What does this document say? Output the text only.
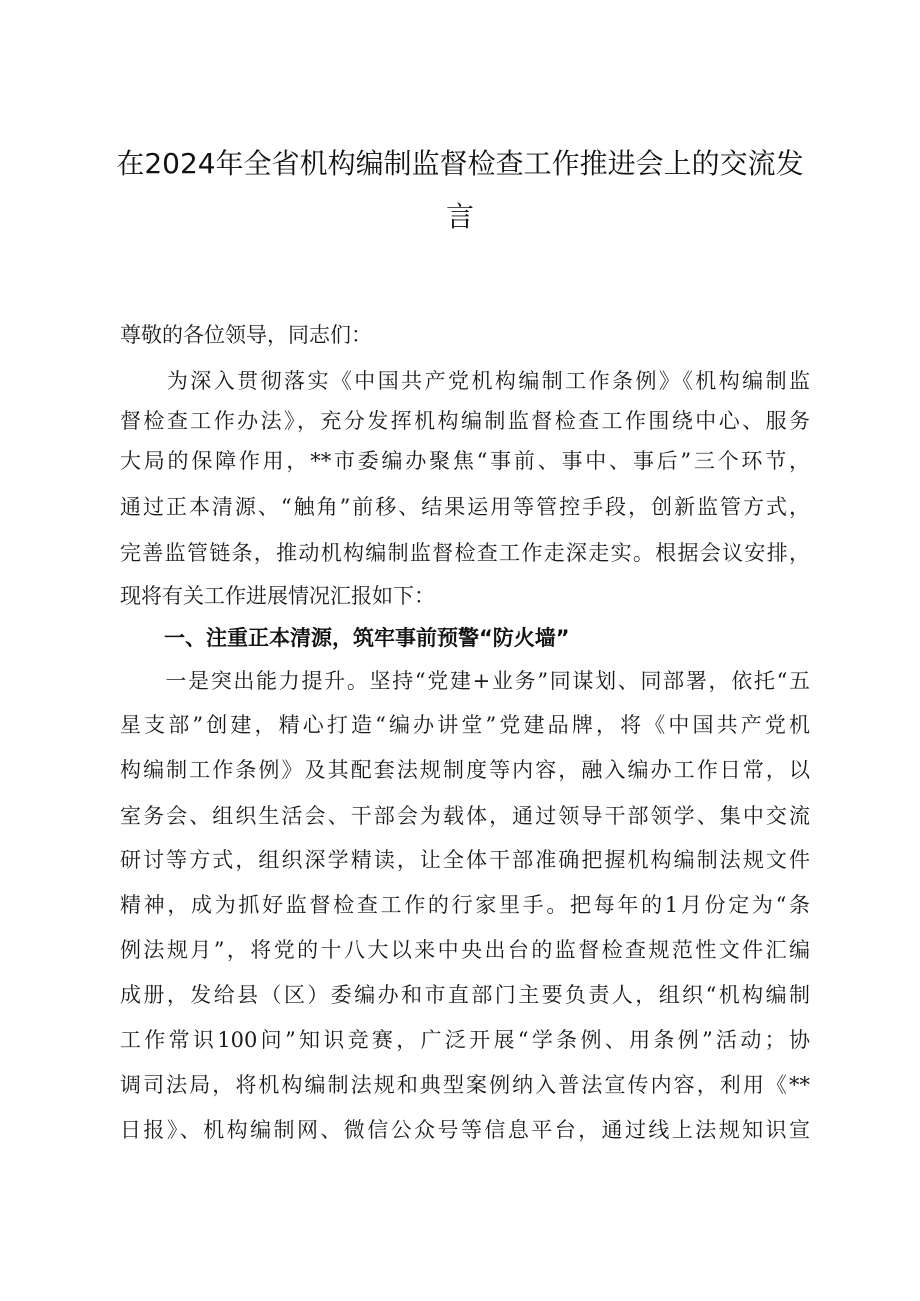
在2024年全省机构编制监督检查工作推进会上的交流发
言
尊敬的各位领导，同志们：
　　为深入贯彻落实《中国共产党机构编制工作条例》《机构编制监
督检查工作办法》，充分发挥机构编制监督检查工作围绕中心、服务
大局的保障作用，**市委编办聚焦“事前、事中、事后”三个环节，
通过正本清源、“触角”前移、结果运用等管控手段，创新监管方式，
完善监管链条，推动机构编制监督检查工作走深走实。根据会议安排，
现将有关工作进展情况汇报如下：
一、注重正本清源，筑牢事前预警“防火墙”
　　一是突出能力提升。坚持“党建+业务”同谋划、同部署，依托“五
星支部”创建，精心打造“编办讲堂”党建品牌，将《中国共产党机
构编制工作条例》及其配套法规制度等内容，融入编办工作日常，以
室务会、组织生活会、干部会为载体，通过领导干部领学、集中交流
研讨等方式，组织深学精读，让全体干部准确把握机构编制法规文件
精神，成为抓好监督检查工作的行家里手。把每年的1月份定为“条
例法规月”，将党的十八大以来中央出台的监督检查规范性文件汇编
成册，发给县（区）委编办和市直部门主要负责人，组织“机构编制
工作常识100问”知识竞赛，广泛开展“学条例、用条例”活动；协
调司法局，将机构编制法规和典型案例纳入普法宣传内容，利用《**
日报》、机构编制网、微信公众号等信息平台，通过线上法规知识宣
